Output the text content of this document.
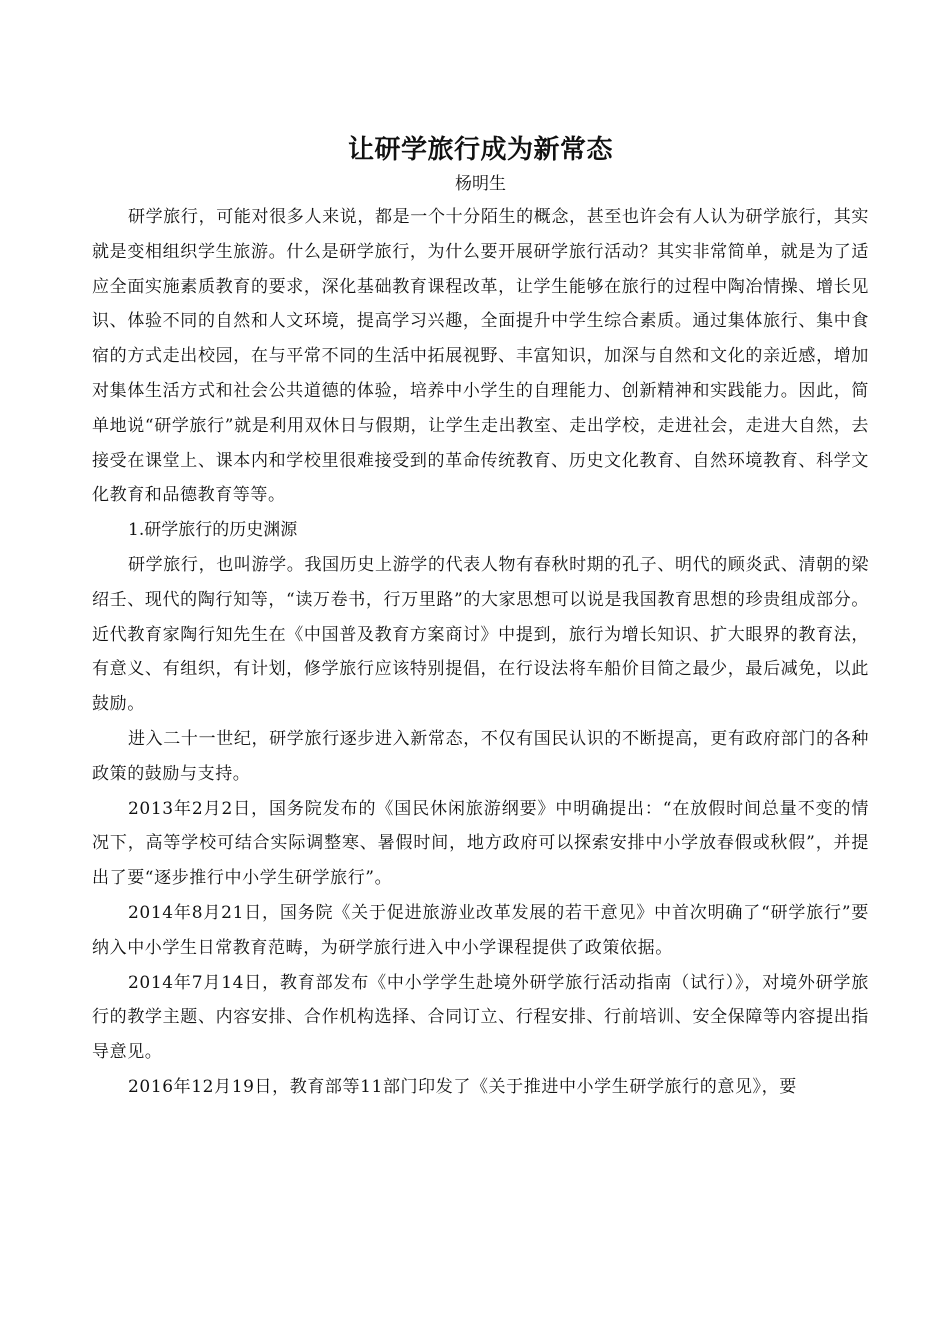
让研学旅行成为新常态

杨明生

研学旅行，可能对很多人来说，都是一个十分陌生的概念，甚至也许会有人认为研学旅行，其实就是变相组织学生旅游。什么是研学旅行，为什么要开展研学旅行活动？其实非常简单，就是为了适应全面实施素质教育的要求，深化基础教育课程改革，让学生能够在旅行的过程中陶冶情操、增长见识、体验不同的自然和人文环境，提高学习兴趣，全面提升中学生综合素质。通过集体旅行、集中食宿的方式走出校园，在与平常不同的生活中拓展视野、丰富知识，加深与自然和文化的亲近感，增加对集体生活方式和社会公共道德的体验，培养中小学生的自理能力、创新精神和实践能力。因此，简单地说“研学旅行”就是利用双休日与假期，让学生走出教室、走出学校，走进社会，走进大自然，去接受在课堂上、课本内和学校里很难接受到的革命传统教育、历史文化教育、自然环境教育、科学文化教育和品德教育等等。

1.研学旅行的历史渊源

研学旅行，也叫游学。我国历史上游学的代表人物有春秋时期的孔子、明代的顾炎武、清朝的梁绍壬、现代的陶行知等，“读万卷书，行万里路”的大家思想可以说是我国教育思想的珍贵组成部分。近代教育家陶行知先生在《中国普及教育方案商讨》中提到，旅行为增长知识、扩大眼界的教育法，有意义、有组织，有计划，修学旅行应该特别提倡，在行设法将车船价目简之最少，最后减免，以此鼓励。

进入二十一世纪，研学旅行逐步进入新常态，不仅有国民认识的不断提高，更有政府部门的各种政策的鼓励与支持。

2013年2月2日，国务院发布的《国民休闲旅游纲要》中明确提出：“在放假时间总量不变的情况下，高等学校可结合实际调整寒、暑假时间，地方政府可以探索安排中小学放春假或秋假”，并提出了要“逐步推行中小学生研学旅行”。

2014年8月21日，国务院《关于促进旅游业改革发展的若干意见》中首次明确了“研学旅行”要纳入中小学生日常教育范畴，为研学旅行进入中小学课程提供了政策依据。

2014年7月14日，教育部发布《中小学学生赴境外研学旅行活动指南（试行）》，对境外研学旅行的教学主题、内容安排、合作机构选择、合同订立、行程安排、行前培训、安全保障等内容提出指导意见。

2016年12月19日，教育部等11部门印发了《关于推进中小学生研学旅行的意见》，要
